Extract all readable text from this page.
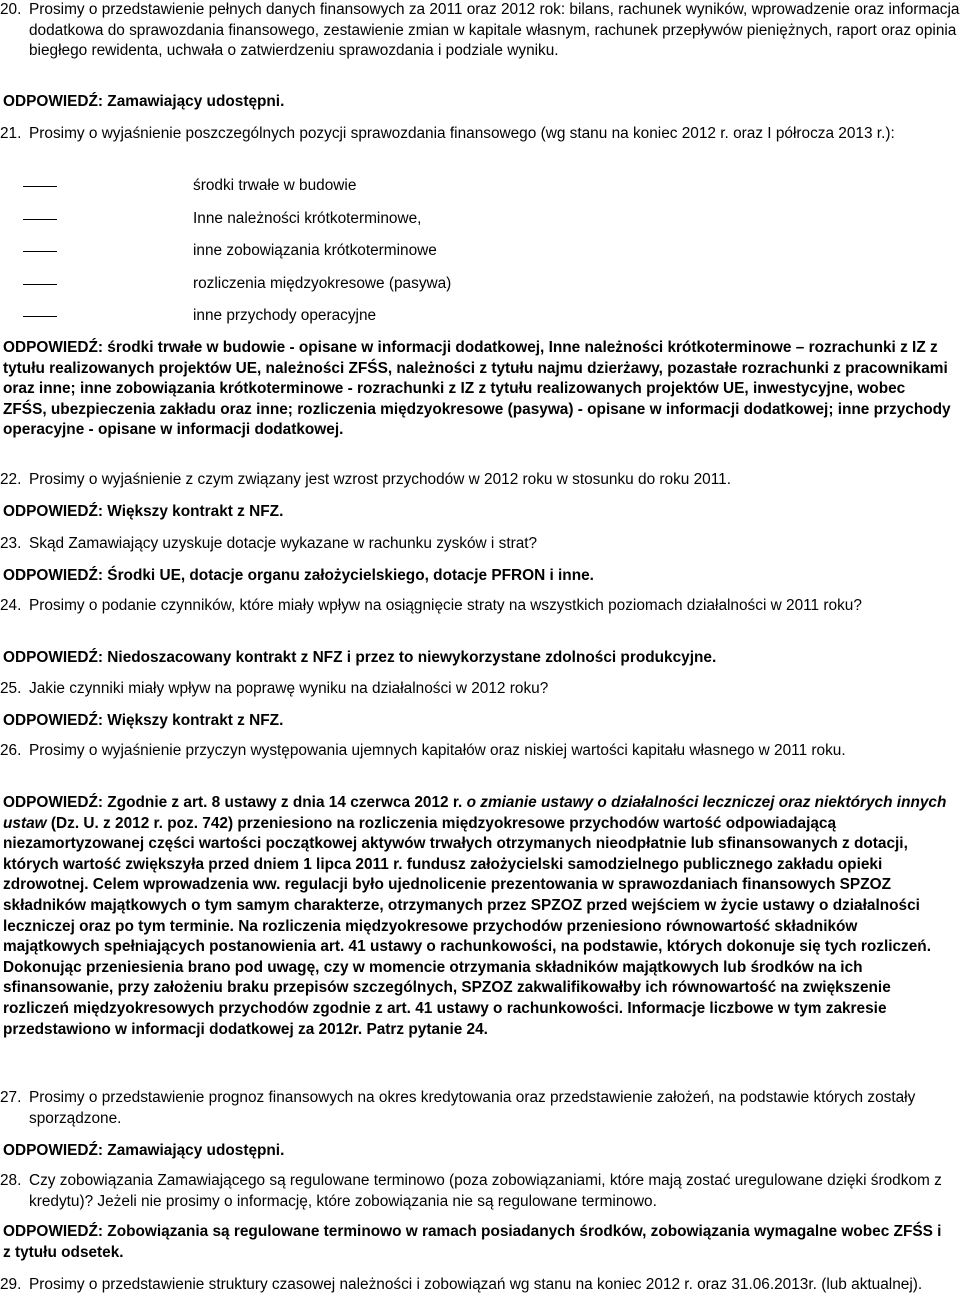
20. Prosimy o przedstawienie pełnych danych finansowych za 2011 oraz 2012 rok: bilans, rachunek wyników, wprowadzenie oraz informacja dodatkowa do sprawozdania finansowego, zestawienie zmian w kapitale własnym, rachunek przepływów pieniężnych, raport oraz opinia biegłego rewidenta, uchwała o zatwierdzeniu sprawozdania i podziale wyniku.
ODPOWIEDŹ: Zamawiający udostępni.
21. Prosimy o wyjaśnienie poszczególnych pozycji sprawozdania finansowego (wg stanu na koniec 2012 r. oraz I półrocza 2013 r.):
środki trwałe w budowie
Inne należności krótkoterminowe,
inne zobowiązania krótkoterminowe
rozliczenia międzyokresowe (pasywa)
inne przychody operacyjne
ODPOWIEDŹ: środki trwałe w budowie - opisane w informacji dodatkowej, Inne należności krótkoterminowe – rozrachunki z IZ z tytułu realizowanych projektów UE, należności ZFŚS, należności z tytułu najmu dzierżawy, pozastałe rozrachunki z pracownikami oraz inne; inne zobowiązania krótkoterminowe - rozrachunki z IZ z tytułu realizowanych projektów UE, inwestycyjne, wobec ZFŚS, ubezpieczenia zakładu oraz inne; rozliczenia międzyokresowe (pasywa) - opisane w informacji dodatkowej; inne przychody operacyjne - opisane w informacji dodatkowej.
22. Prosimy o wyjaśnienie z czym związany jest wzrost przychodów w 2012 roku w stosunku do roku 2011.
ODPOWIEDŹ: Większy kontrakt z NFZ.
23. Skąd Zamawiający uzyskuje dotacje wykazane w rachunku zysków i strat?
ODPOWIEDŹ: Środki UE, dotacje organu założycielskiego, dotacje PFRON i inne.
24. Prosimy o podanie czynników, które miały wpływ na osiągnięcie straty na wszystkich poziomach działalności w 2011 roku?
ODPOWIEDŹ: Niedoszacowany kontrakt z NFZ i przez to niewykorzystane zdolności produkcyjne.
25. Jakie czynniki miały wpływ na poprawę wyniku na działalności w 2012 roku?
ODPOWIEDŹ: Większy kontrakt z NFZ.
26. Prosimy o wyjaśnienie przyczyn występowania ujemnych kapitałów oraz niskiej wartości kapitału własnego w 2011 roku.
ODPOWIEDŹ: Zgodnie z art. 8 ustawy z dnia 14 czerwca 2012 r. o zmianie ustawy o działalności leczniczej oraz niektórych innych ustaw (Dz. U. z 2012 r. poz. 742) przeniesiono na rozliczenia międzyokresowe przychodów wartość odpowiadającą niezamortyzowanej części wartości początkowej aktywów trwałych otrzymanych nieodpłatnie lub sfinansowanych z dotacji, których wartość zwiększyła przed dniem 1 lipca 2011 r. fundusz założycielski samodzielnego publicznego zakładu opieki zdrowotnej. Celem wprowadzenia ww. regulacji było ujednolicenie prezentowania w sprawozdaniach finansowych SPZOZ składników majątkowych o tym samym charakterze, otrzymanych przez SPZOZ przed wejściem w życie ustawy o działalności leczniczej oraz po tym terminie. Na rozliczenia międzyokresowe przychodów przeniesiono równowartość składników majątkowych spełniających postanowienia art. 41 ustawy o rachunkowości, na podstawie, których dokonuje się tych rozliczeń. Dokonując przeniesienia brano pod uwagę, czy w momencie otrzymania składników majątkowych lub środków na ich sfinansowanie, przy założeniu braku przepisów szczególnych, SPZOZ zakwalifikowałby ich równowartość na zwiększenie rozliczeń międzyokresowych przychodów zgodnie z art. 41 ustawy o rachunkowości. Informacje liczbowe w tym zakresie przedstawiono w informacji dodatkowej za 2012r. Patrz pytanie 24.
27. Prosimy o przedstawienie prognoz finansowych na okres kredytowania oraz przedstawienie założeń, na podstawie których zostały sporządzone.
ODPOWIEDŹ: Zamawiający udostępni.
28. Czy zobowiązania Zamawiającego są regulowane terminowo (poza zobowiązaniami, które mają zostać uregulowane dzięki środkom z kredytu)? Jeżeli nie prosimy o informację, które zobowiązania nie są regulowane terminowo.
ODPOWIEDŹ: Zobowiązania są regulowane terminowo w ramach posiadanych środków, zobowiązania wymagalne wobec ZFŚS i z tytułu odsetek.
29. Prosimy o przedstawienie struktury czasowej należności i zobowiązań wg stanu na koniec 2012 r. oraz 31.06.2013r. (lub aktualnej).
